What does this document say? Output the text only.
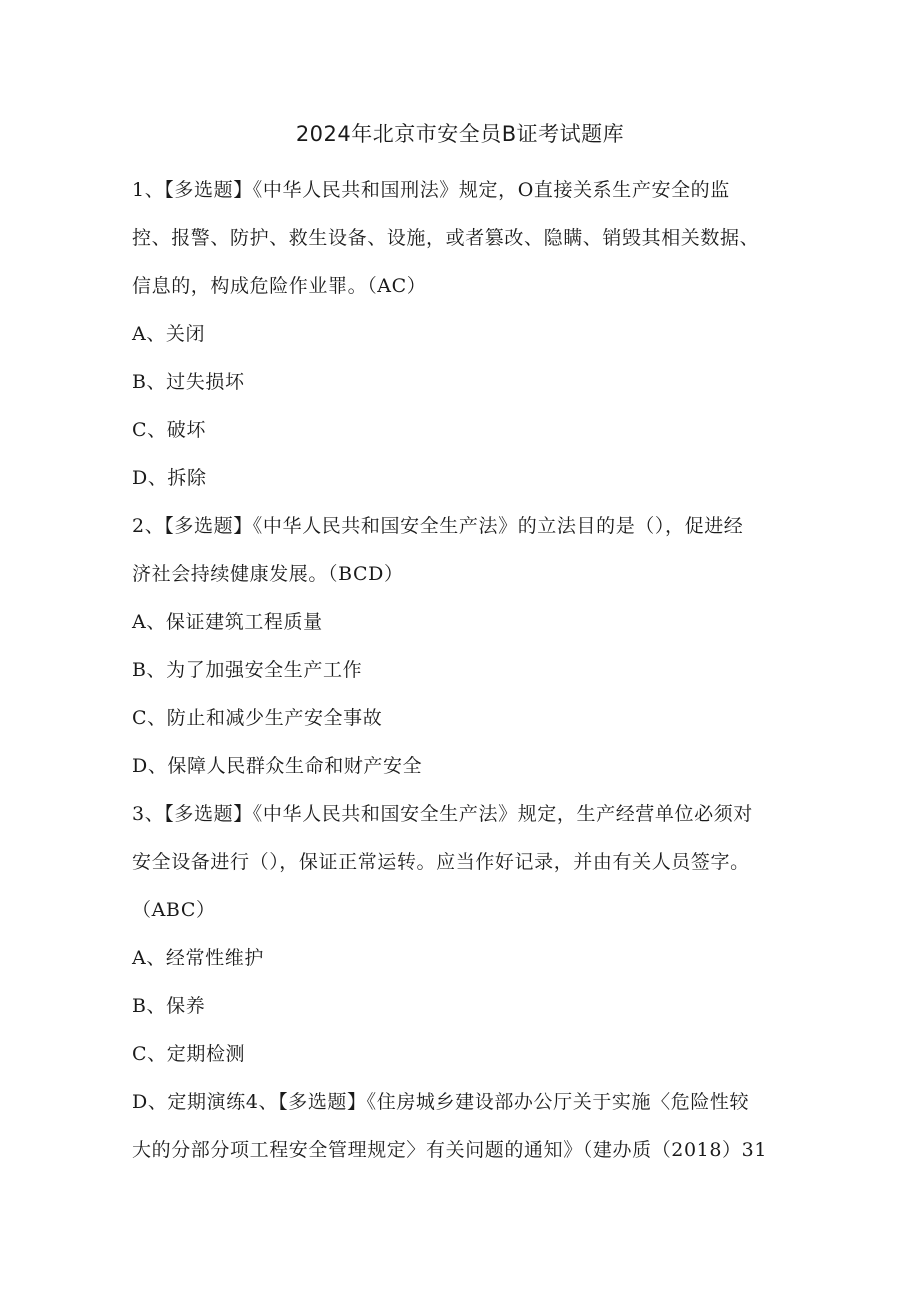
2024年北京市安全员B证考试题库
1、【多选题】《中华人民共和国刑法》规定，O直接关系生产安全的监
控、报警、防护、救生设备、设施，或者篡改、隐瞒、销毁其相关数据、
信息的，构成危险作业罪。（AC）
A、关闭
B、过失损坏
C、破坏
D、拆除
2、【多选题】《中华人民共和国安全生产法》的立法目的是（），促进经
济社会持续健康发展。（BCD）
A、保证建筑工程质量
B、为了加强安全生产工作
C、防止和减少生产安全事故
D、保障人民群众生命和财产安全
3、【多选题】《中华人民共和国安全生产法》规定，生产经营单位必须对
安全设备进行（），保证正常运转。应当作好记录，并由有关人员签字。
（ABC）
A、经常性维护
B、保养
C、定期检测
D、定期演练4、【多选题】《住房城乡建设部办公厅关于实施〈危险性较
大的分部分项工程安全管理规定〉有关问题的通知》（建办质（2018）31
